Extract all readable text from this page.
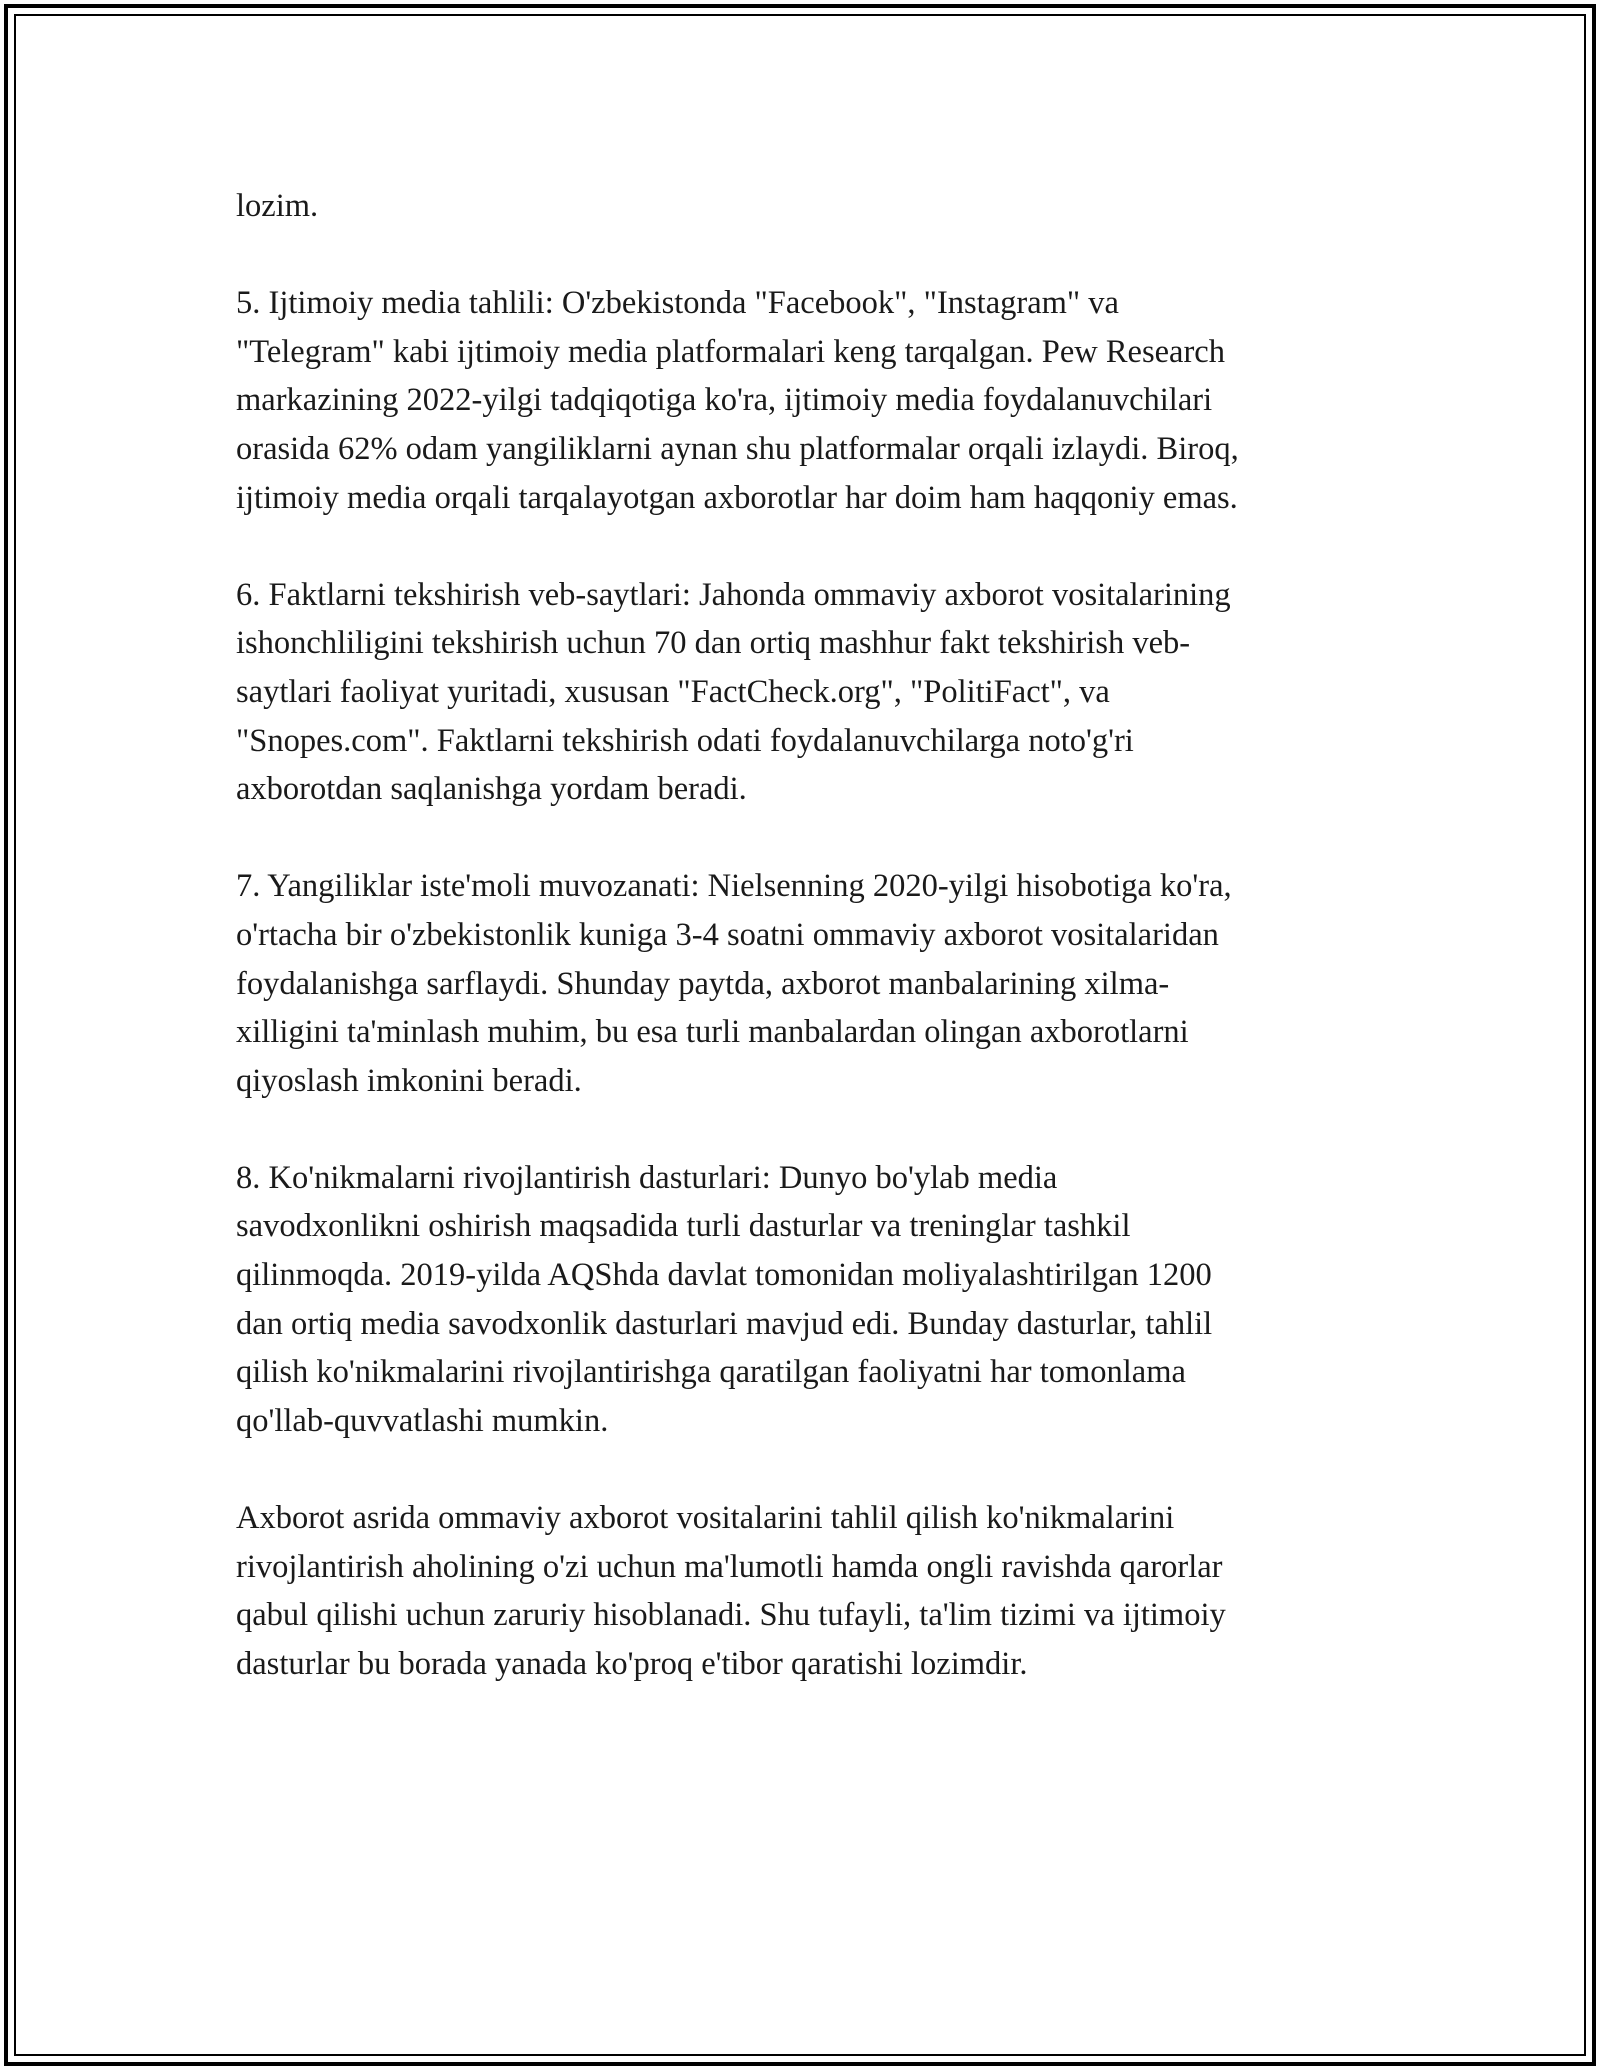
lozim.

5. Ijtimoiy media tahlili: O'zbekistonda "Facebook", "Instagram" va
"Telegram" kabi ijtimoiy media platformalari keng tarqalgan. Pew Research
markazining 2022-yilgi tadqiqotiga ko'ra, ijtimoiy media foydalanuvchilari
orasida 62% odam yangiliklarni aynan shu platformalar orqali izlaydi. Biroq,
ijtimoiy media orqali tarqalayotgan axborotlar har doim ham haqqoniy emas.

6. Faktlarni tekshirish veb-saytlari: Jahonda ommaviy axborot vositalarining
ishonchliligini tekshirish uchun 70 dan ortiq mashhur fakt tekshirish veb-
saytlari faoliyat yuritadi, xususan "FactCheck.org", "PolitiFact", va
"Snopes.com". Faktlarni tekshirish odati foydalanuvchilarga noto'g'ri
axborotdan saqlanishga yordam beradi.

7. Yangiliklar iste'moli muvozanati: Nielsenning 2020-yilgi hisobotiga ko'ra,
o'rtacha bir o'zbekistonlik kuniga 3-4 soatni ommaviy axborot vositalaridan
foydalanishga sarflaydi. Shunday paytda, axborot manbalarining xilma-
xilligini ta'minlash muhim, bu esa turli manbalardan olingan axborotlarni
qiyoslash imkonini beradi.

8. Ko'nikmalarni rivojlantirish dasturlari: Dunyo bo'ylab media
savodxonlikni oshirish maqsadida turli dasturlar va treninglar tashkil
qilinmoqda. 2019-yilda AQShda davlat tomonidan moliyalashtirilgan 1200
dan ortiq media savodxonlik dasturlari mavjud edi. Bunday dasturlar, tahlil
qilish ko'nikmalarini rivojlantirishga qaratilgan faoliyatni har tomonlama
qo'llab-quvvatlashi mumkin.

Axborot asrida ommaviy axborot vositalarini tahlil qilish ko'nikmalarini
rivojlantirish aholining o'zi uchun ma'lumotli hamda ongli ravishda qarorlar
qabul qilishi uchun zaruriy hisoblanadi. Shu tufayli, ta'lim tizimi va ijtimoiy
dasturlar bu borada yanada ko'proq e'tibor qaratishi lozimdir.
